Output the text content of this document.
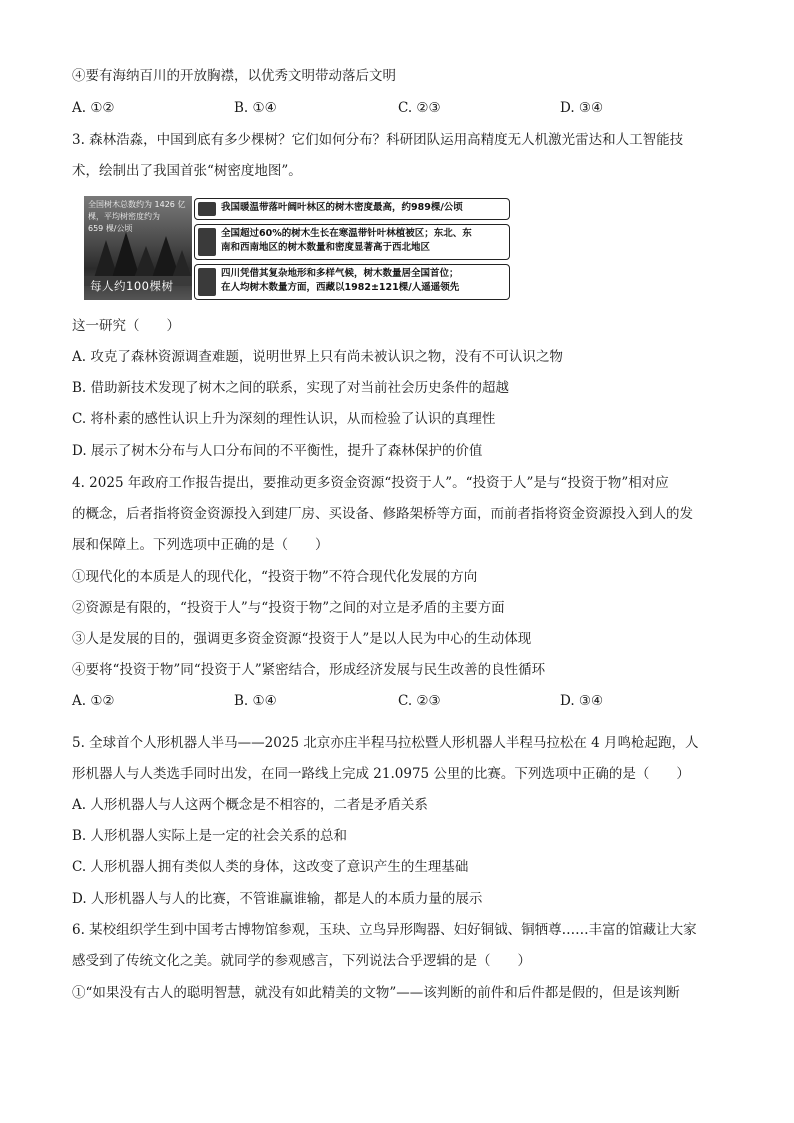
④要有海纳百川的开放胸襟，以优秀文明带动落后文明
A. ①②	B. ①④	C. ②③	D. ③④
3. 森林浩淼，中国到底有多少棵树？它们如何分布？科研团队运用高精度无人机激光雷达和人工智能技
术，绘制出了我国首张“树密度地图”。
全国树木总数约为 1426 亿
棵，平均树密度约为
659 棵/公顷
每人约100棵树
我国暖温带落叶阔叶林区的树木密度最高，约989棵/公顷
全国超过60%的树木生长在寒温带针叶林植被区；东北、东
南和西南地区的树木数量和密度显著高于西北地区
四川凭借其复杂地形和多样气候，树木数量居全国首位；
在人均树木数量方面，西藏以1982±121棵/人遥遥领先
这一研究（　　）
A. 攻克了森林资源调查难题，说明世界上只有尚未被认识之物，没有不可认识之物
B. 借助新技术发现了树木之间的联系，实现了对当前社会历史条件的超越
C. 将朴素的感性认识上升为深刻的理性认识，从而检验了认识的真理性
D. 展示了树木分布与人口分布间的不平衡性，提升了森林保护的价值
4. 2025 年政府工作报告提出，要推动更多资金资源“投资于人”。“投资于人”是与“投资于物”相对应
的概念，后者指将资金资源投入到建厂房、买设备、修路架桥等方面，而前者指将资金资源投入到人的发
展和保障上。下列选项中正确的是（　　）
①现代化的本质是人的现代化，“投资于物”不符合现代化发展的方向
②资源是有限的，“投资于人”与“投资于物”之间的对立是矛盾的主要方面
③人是发展的目的，强调更多资金资源“投资于人”是以人民为中心的生动体现
④要将“投资于物”同“投资于人”紧密结合，形成经济发展与民生改善的良性循环
A. ①②	B. ①④	C. ②③	D. ③④
5. 全球首个人形机器人半马——2025 北京亦庄半程马拉松暨人形机器人半程马拉松在 4 月鸣枪起跑，人
形机器人与人类选手同时出发，在同一路线上完成 21.0975 公里的比赛。下列选项中正确的是（　　）
A. 人形机器人与人这两个概念是不相容的，二者是矛盾关系
B. 人形机器人实际上是一定的社会关系的总和
C. 人形机器人拥有类似人类的身体，这改变了意识产生的生理基础
D. 人形机器人与人的比赛，不管谁赢谁输，都是人的本质力量的展示
6. 某校组织学生到中国考古博物馆参观，玉玦、立鸟异形陶器、妇好铜钺、铜牺尊……丰富的馆藏让大家
感受到了传统文化之美。就同学的参观感言，下列说法合乎逻辑的是（　　）
①“如果没有古人的聪明智慧，就没有如此精美的文物”——该判断的前件和后件都是假的，但是该判断
